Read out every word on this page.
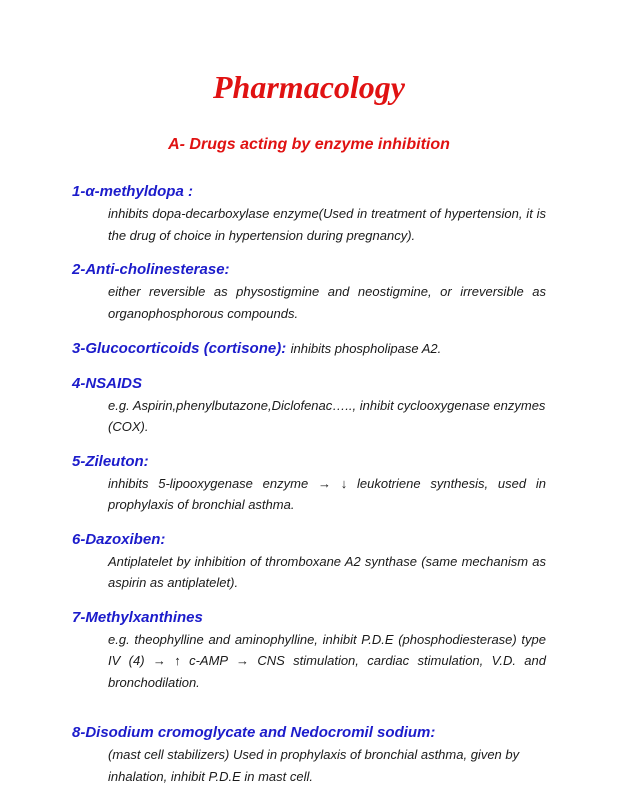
Pharmacology
A- Drugs acting by enzyme inhibition

1-α-methyldopa :

inhibits dopa-decarboxylase enzyme(Used in treatment of hypertension, it is the drug of choice in hypertension during pregnancy).

2-Anti-cholinesterase:

either reversible as physostigmine and neostigmine, or irreversible as organophosphorous compounds.

3-Glucocorticoids (cortisone):

inhibits phospholipase A2.

4-NSAIDS

e.g. Aspirin,phenylbutazone,Diclofenac….., inhibit cyclooxygenase enzymes (COX).

5-Zileuton:

inhibits 5-lipooxygenase enzyme → ↓ leukotriene synthesis, used in prophylaxis of bronchial asthma.

6-Dazoxiben:

Antiplatelet by inhibition of thromboxane A2 synthase (same mechanism as aspirin as antiplatelet).

7-Methylxanthines

e.g. theophylline and aminophylline, inhibit P.D.E (phosphodiesterase) type IV (4) → ↑ c-AMP → CNS stimulation, cardiac stimulation, V.D. and bronchodilation.

8-Disodium cromoglycate and Nedocromil sodium:

(mast cell stabilizers) Used in prophylaxis of bronchial asthma, given by inhalation, inhibit P.D.E in mast cell.
